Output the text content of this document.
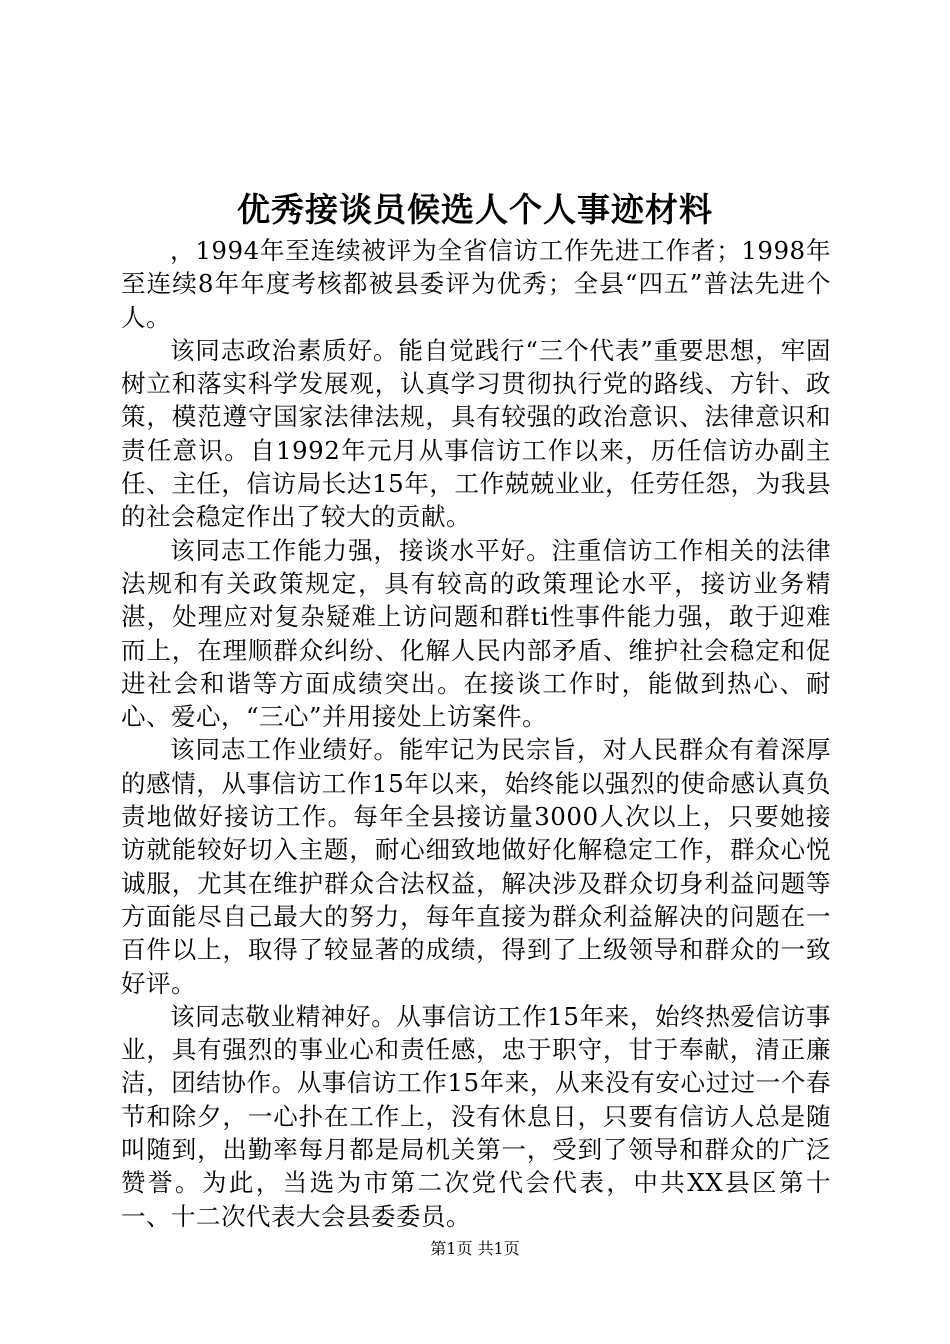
优秀接谈员候选人个人事迹材料

，1994年至连续被评为全省信访工作先进工作者；1998年至连续8年年度考核都被县委评为优秀；全县“四五”普法先进个人。

该同志政治素质好。能自觉践行“三个代表”重要思想，牢固树立和落实科学发展观，认真学习贯彻执行党的路线、方针、政策，模范遵守国家法律法规，具有较强的政治意识、法律意识和责任意识。自1992年元月从事信访工作以来，历任信访办副主任、主任，信访局长达15年，工作兢兢业业，任劳任怨，为我县的社会稳定作出了较大的贡献。

该同志工作能力强，接谈水平好。注重信访工作相关的法律法规和有关政策规定，具有较高的政策理论水平，接访业务精湛，处理应对复杂疑难上访问题和群ti性事件能力强，敢于迎难而上，在理顺群众纠纷、化解人民内部矛盾、维护社会稳定和促进社会和谐等方面成绩突出。在接谈工作时，能做到热心、耐心、爱心，“三心”并用接处上访案件。

该同志工作业绩好。能牢记为民宗旨，对人民群众有着深厚的感情，从事信访工作15年以来，始终能以强烈的使命感认真负责地做好接访工作。每年全县接访量3000人次以上，只要她接访就能较好切入主题，耐心细致地做好化解稳定工作，群众心悦诚服，尤其在维护群众合法权益，解决涉及群众切身利益问题等方面能尽自己最大的努力，每年直接为群众利益解决的问题在一百件以上，取得了较显著的成绩，得到了上级领导和群众的一致好评。

该同志敬业精神好。从事信访工作15年来，始终热爱信访事业，具有强烈的事业心和责任感，忠于职守，甘于奉献，清正廉洁，团结协作。从事信访工作15年来，从来没有安心过过一个春节和除夕，一心扑在工作上，没有休息日，只要有信访人总是随叫随到，出勤率每月都是局机关第一，受到了领导和群众的广泛赞誉。为此，当选为市第二次党代会代表，中共XX县区第十一、十二次代表大会县委委员。

第1页 共1页
